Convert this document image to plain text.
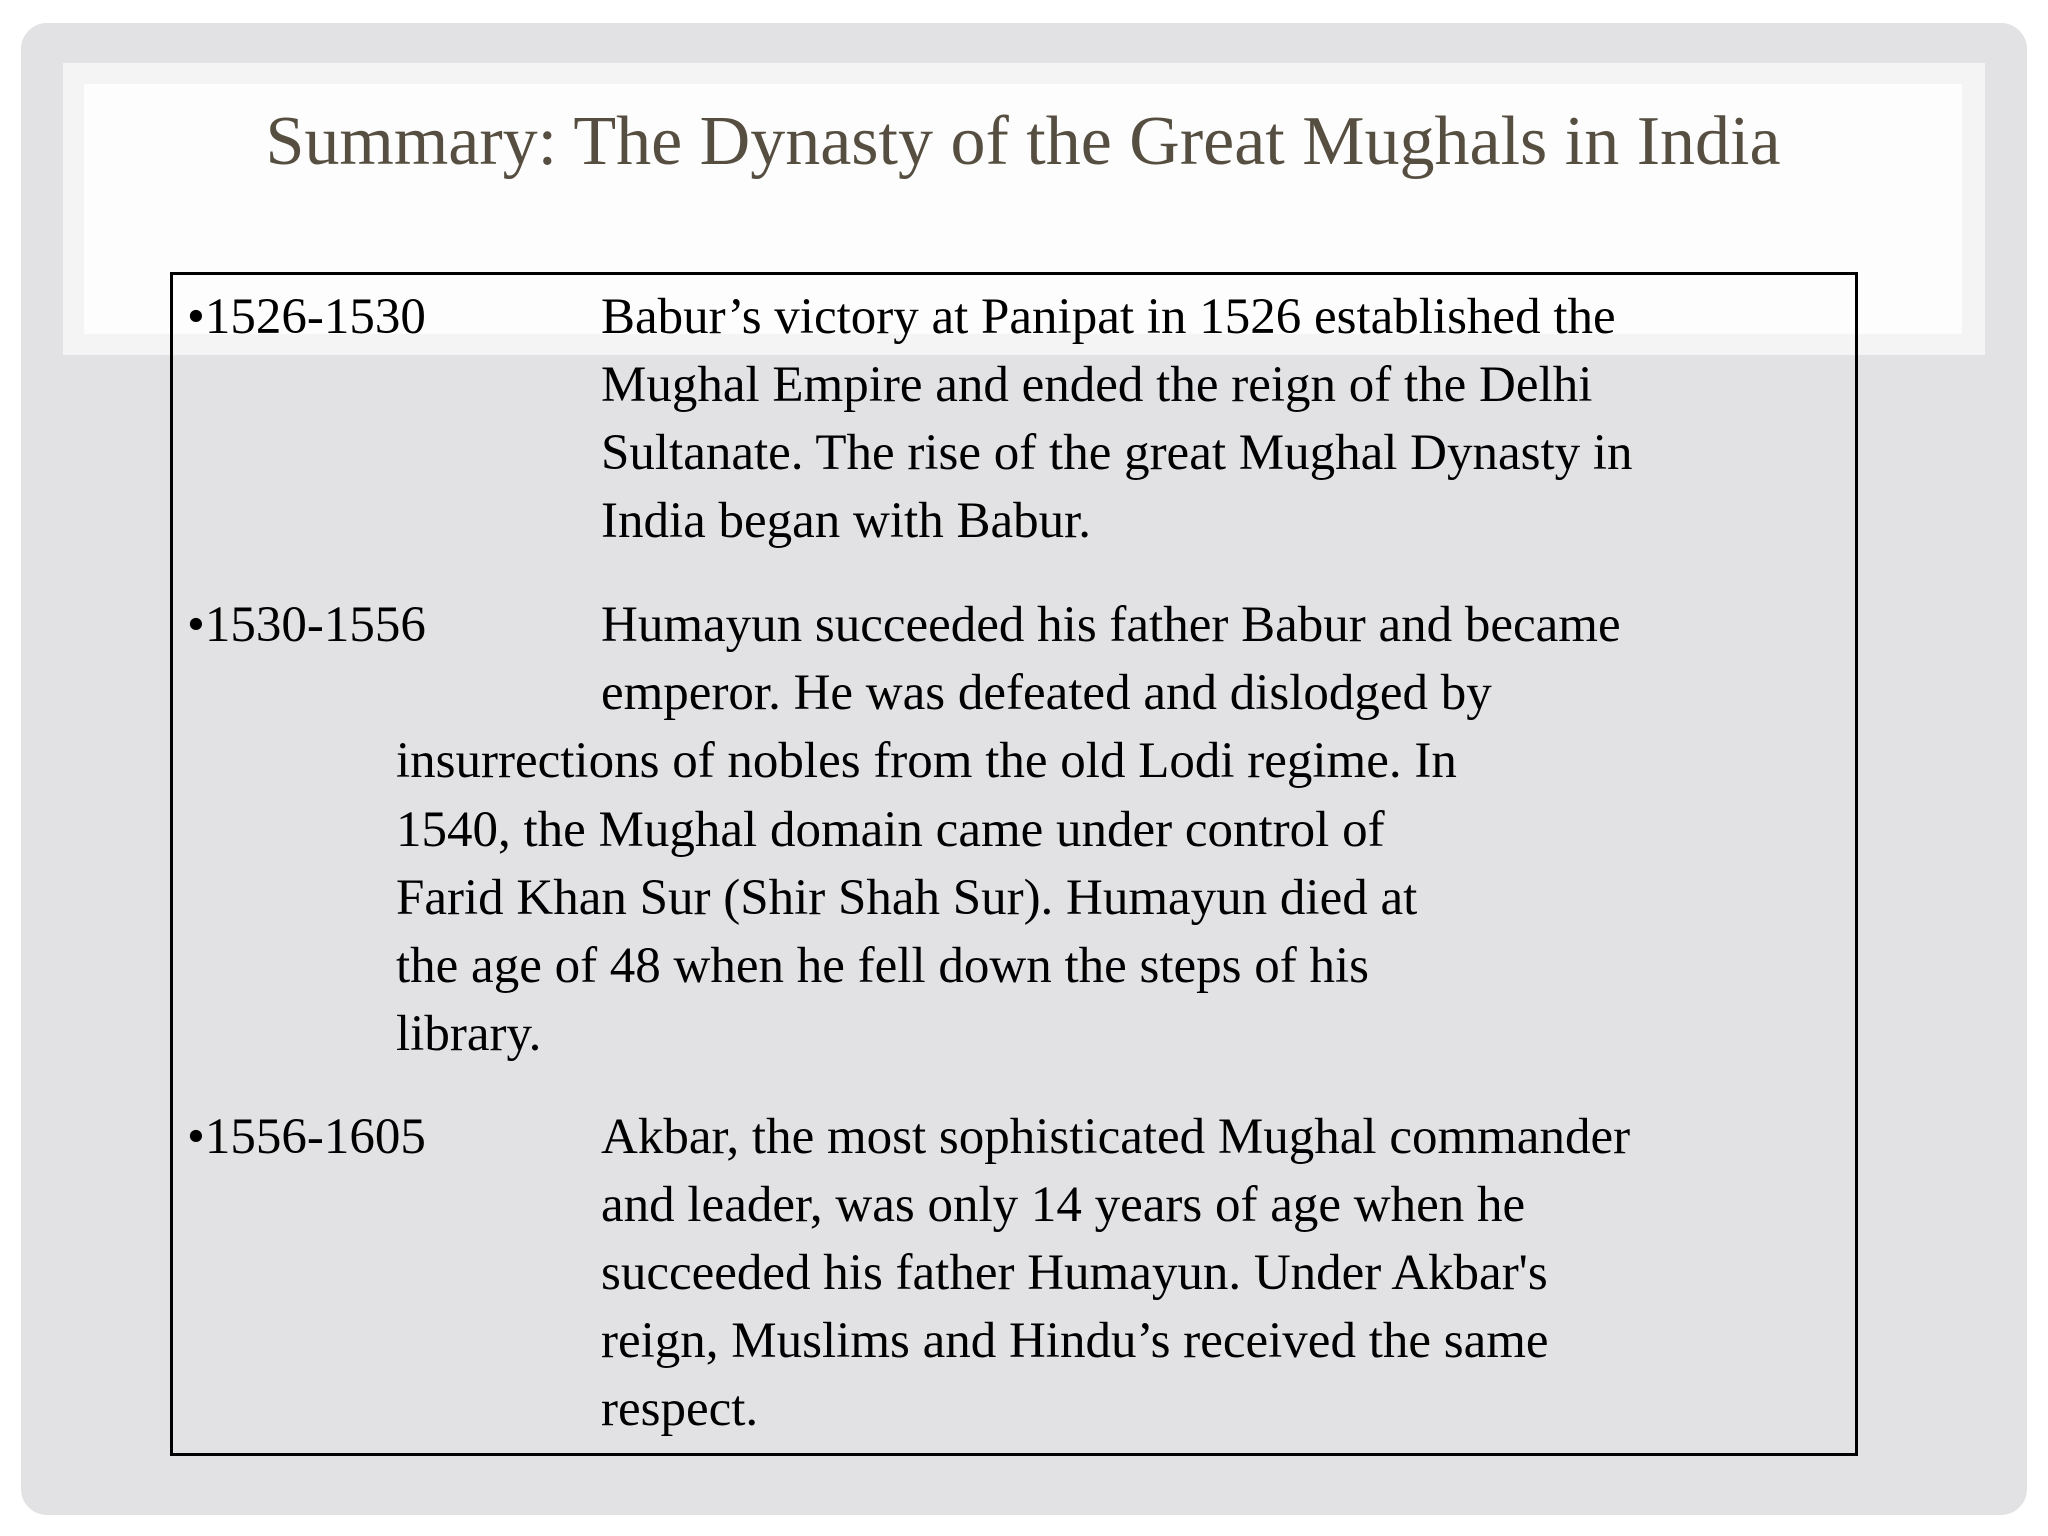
Summary: The Dynasty of the Great Mughals in India
•1526-1530	Babur’s victory at Panipat in 1526 established the
Mughal Empire and ended the reign of the Delhi
Sultanate. The rise of the great Mughal Dynasty in
India began with Babur.
•1530-1556	Humayun succeeded his father Babur and became
emperor. He was defeated and dislodged by
insurrections of nobles from the old Lodi regime. In
1540, the Mughal domain came under control of
Farid Khan Sur (Shir Shah Sur). Humayun died at
the age of 48 when he fell down the steps of his
library.
•1556-1605	Akbar, the most sophisticated Mughal commander
and leader, was only 14 years of age when he
succeeded his father Humayun. Under Akbar's
reign, Muslims and Hindu’s received the same
respect.
